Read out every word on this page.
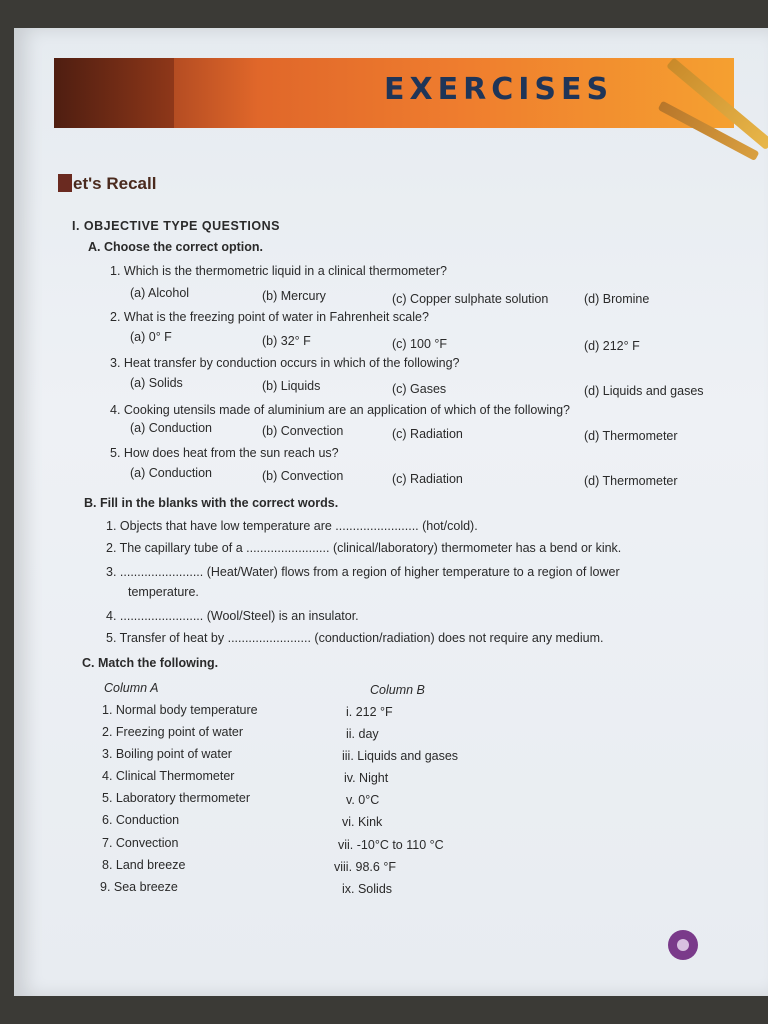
EXERCISES
et's Recall
I. OBJECTIVE TYPE QUESTIONS
A. Choose the correct option.
1. Which is the thermometric liquid in a clinical thermometer?
(a) Alcohol	(b) Mercury	(c) Copper sulphate solution	(d) Bromine
2. What is the freezing point of water in Fahrenheit scale?
(a) 0° F	(b) 32° F	(c) 100 °F	(d) 212° F
3. Heat transfer by conduction occurs in which of the following?
(a) Solids	(b) Liquids	(c) Gases	(d) Liquids and gases
4. Cooking utensils made of aluminium are an application of which of the following?
(a) Conduction	(b) Convection	(c) Radiation	(d) Thermometer
5. How does heat from the sun reach us?
(a) Conduction	(b) Convection	(c) Radiation	(d) Thermometer
B. Fill in the blanks with the correct words.
1. Objects that have low temperature are ........................ (hot/cold).
2. The capillary tube of a ........................ (clinical/laboratory) thermometer has a bend or kink.
3. ........................ (Heat/Water) flows from a region of higher temperature to a region of lower
temperature.
4. ........................ (Wool/Steel) is an insulator.
5. Transfer of heat by ........................ (conduction/radiation) does not require any medium.
C. Match the following.
Column A	Column B
1. Normal body temperature	i. 212 °F
2. Freezing point of water	ii. day
3. Boiling point of water	iii. Liquids and gases
4. Clinical Thermometer	iv. Night
5. Laboratory thermometer	v. 0°C
6. Conduction	vi. Kink
7. Convection	vii. -10°C to 110 °C
8. Land breeze	viii. 98.6 °F
9. Sea breeze	ix. Solids
